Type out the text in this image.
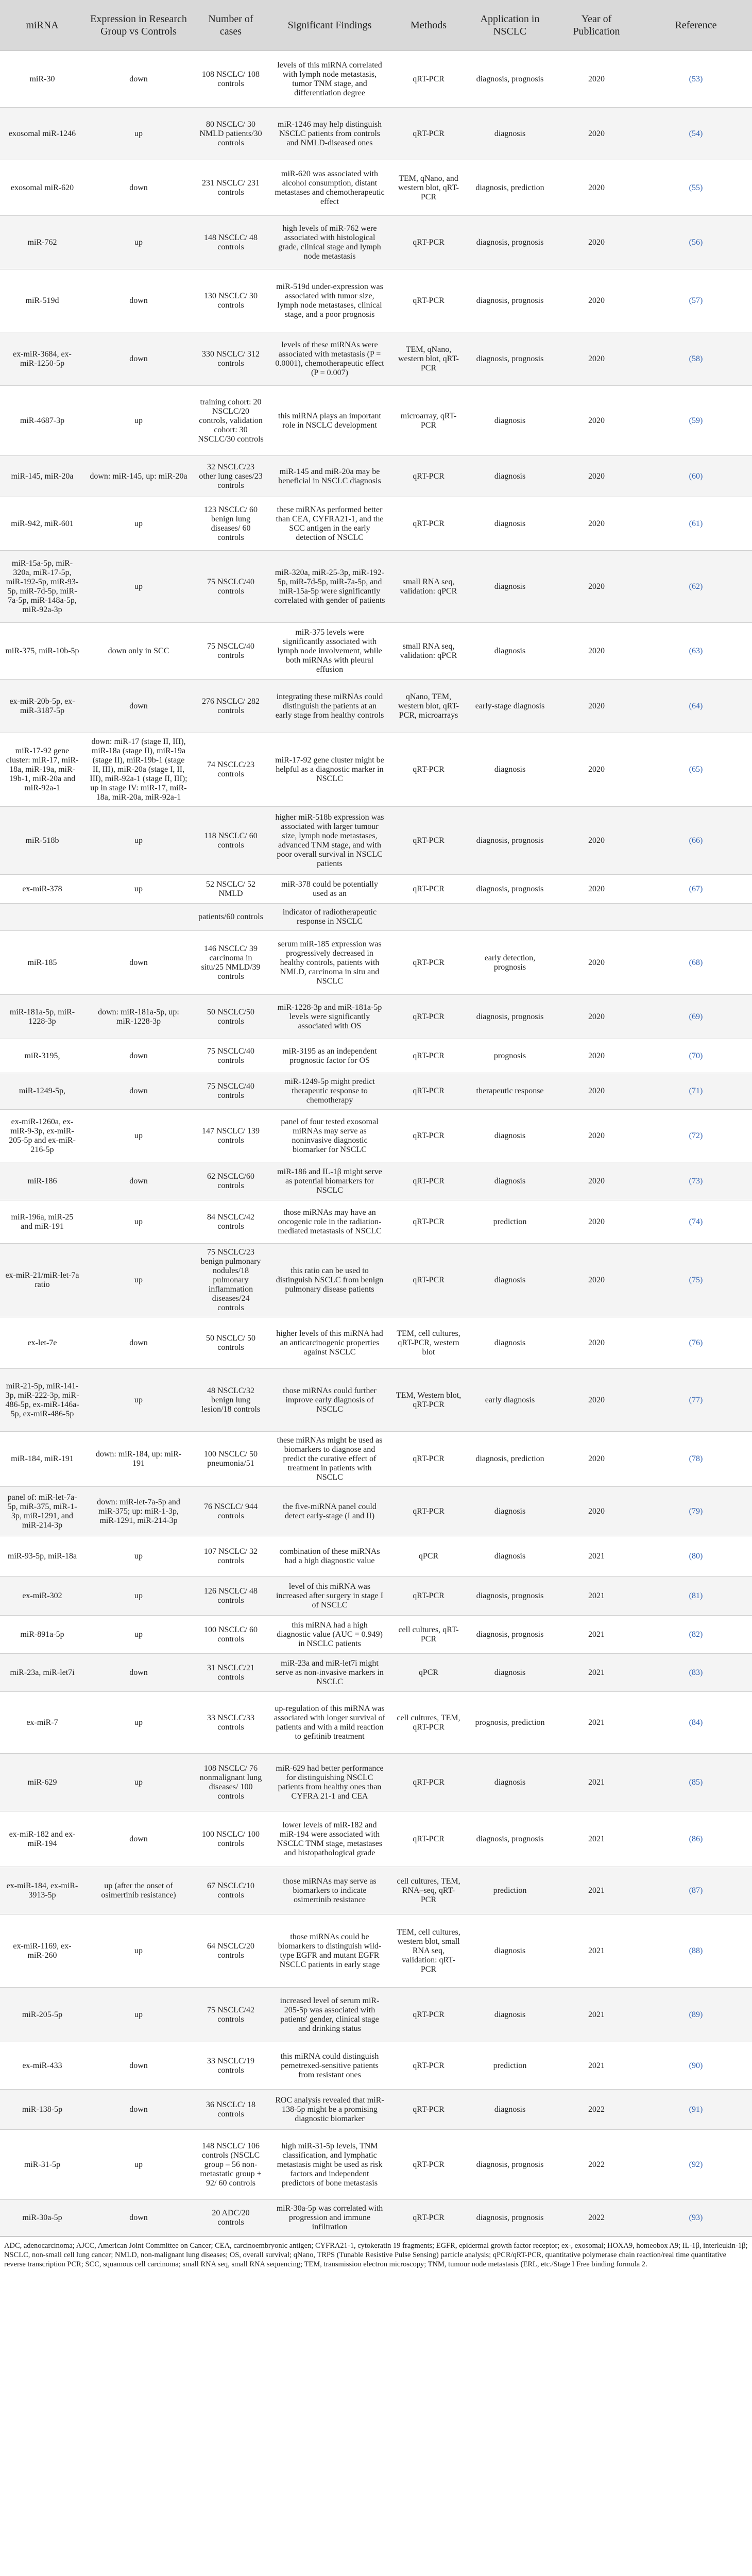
miRNA	Expression in Research Group vs Controls	Number of cases	Significant Findings	Methods	Application in NSCLC	Year of Publication	Reference
miR-30	down	108 NSCLC/ 108 controls	levels of this miRNA correlated with lymph node metastasis, tumor TNM stage, and differentiation degree	qRT-PCR	diagnosis, prognosis	2020	(53)
exosomal miR-1246	up	80 NSCLC/ 30 NMLD patients/30 controls	miR-1246 may help distinguish NSCLC patients from controls and NMLD-diseased ones	qRT-PCR	diagnosis	2020	(54)
exosomal miR-620	down	231 NSCLC/ 231 controls	miR-620 was associated with alcohol consumption, distant metastases and chemotherapeutic effect	TEM, qNano, and western blot, qRT-PCR	diagnosis, prediction	2020	(55)
miR-762	up	148 NSCLC/ 48 controls	high levels of miR-762 were associated with histological grade, clinical stage and lymph node metastasis	qRT-PCR	diagnosis, prognosis	2020	(56)
miR-519d	down	130 NSCLC/ 30 controls	miR-519d under-expression was associated with tumor size, lymph node metastases, clinical stage, and a poor prognosis	qRT-PCR	diagnosis, prognosis	2020	(57)
ex-miR-3684, ex-miR-1250-5p	down	330 NSCLC/ 312 controls	levels of these miRNAs were associated with metastasis (P = 0.0001), chemotherapeutic effect (P = 0.007)	TEM, qNano, western blot, qRT-PCR	diagnosis, prognosis	2020	(58)
miR-4687-3p	up	training cohort: 20 NSCLC/20 controls, validation cohort: 30 NSCLC/30 controls	this miRNA plays an important role in NSCLC development	microarray, qRT-PCR	diagnosis	2020	(59)
miR-145, miR-20a	down: miR-145, up: miR-20a	32 NSCLC/23 other lung cases/23 controls	miR-145 and miR-20a may be beneficial in NSCLC diagnosis	qRT-PCR	diagnosis	2020	(60)
miR-942, miR-601	up	123 NSCLC/ 60 benign lung diseases/ 60 controls	these miRNAs performed better than CEA, CYFRA21-1, and the SCC antigen in the early detection of NSCLC	qRT-PCR	diagnosis	2020	(61)
miR-15a-5p, miR-320a, miR-17-5p, miR-192-5p, miR-93-5p, miR-7d-5p, miR-7a-5p, miR-148a-5p, miR-92a-3p	up	75 NSCLC/40 controls	miR-320a, miR-25-3p, miR-192-5p, miR-7d-5p, miR-7a-5p, and miR-15a-5p were significantly correlated with gender of patients	small RNA seq, validation: qPCR	diagnosis	2020	(62)
miR-375, miR-10b-5p	down only in SCC	75 NSCLC/40 controls	miR-375 levels were significantly associated with lymph node involvement, while both miRNAs with pleural effusion	small RNA seq, validation: qPCR	diagnosis	2020	(63)
ex-miR-20b-5p, ex-miR-3187-5p	down	276 NSCLC/ 282 controls	integrating these miRNAs could distinguish the patients at an early stage from healthy controls	qNano, TEM, western blot, qRT-PCR, microarrays	early-stage diagnosis	2020	(64)
miR-17-92 gene cluster: miR-17, miR-18a, miR-19a, miR-19b-1, miR-20a and miR-92a-1	down: miR-17 (stage II, III), miR-18a (stage II), miR-19a (stage II), miR-19b-1 (stage II, III), miR-20a (stage I, II, III), miR-92a-1 (stage II, III); up in stage IV: miR-17, miR-18a, miR-20a, miR-92a-1	74 NSCLC/23 controls	miR-17-92 gene cluster might be helpful as a diagnostic marker in NSCLC	qRT-PCR	diagnosis	2020	(65)
miR-518b	up	118 NSCLC/ 60 controls	higher miR-518b expression was associated with larger tumour size, lymph node metastases, advanced TNM stage, and with poor overall survival in NSCLC patients	qRT-PCR	diagnosis, prognosis	2020	(66)
ex-miR-378	up	52 NSCLC/ 52 NMLD	miR-378 could be potentially used as an	qRT-PCR	diagnosis, prognosis	2020	(67)
		patients/60 controls	indicator of radiotherapeutic response in NSCLC				
miR-185	down	146 NSCLC/ 39 carcinoma in situ/25 NMLD/39 controls	serum miR-185 expression was progressively decreased in healthy controls, patients with NMLD, carcinoma in situ and NSCLC	qRT-PCR	early detection, prognosis	2020	(68)
miR-181a-5p, miR-1228-3p	down: miR-181a-5p, up: miR-1228-3p	50 NSCLC/50 controls	miR-1228-3p and miR-181a-5p levels were significantly associated with OS	qRT-PCR	diagnosis, prognosis	2020	(69)
miR-3195,	down	75 NSCLC/40 controls	miR-3195 as an independent prognostic factor for OS	qRT-PCR	prognosis	2020	(70)
miR-1249-5p,	down	75 NSCLC/40 controls	miR-1249-5p might predict therapeutic response to chemotherapy	qRT-PCR	therapeutic response	2020	(71)
ex-miR-1260a, ex-miR-9-3p, ex-miR-205-5p and ex-miR-216-5p	up	147 NSCLC/ 139 controls	panel of four tested exosomal miRNAs may serve as noninvasive diagnostic biomarker for NSCLC	qRT-PCR	diagnosis	2020	(72)
miR-186	down	62 NSCLC/60 controls	miR-186 and IL-1β might serve as potential biomarkers for NSCLC	qRT-PCR	diagnosis	2020	(73)
miR-196a, miR-25 and miR-191	up	84 NSCLC/42 controls	those miRNAs may have an oncogenic role in the radiation-mediated metastasis of NSCLC	qRT-PCR	prediction	2020	(74)
ex-miR-21/miR-let-7a ratio	up	75 NSCLC/23 benign pulmonary nodules/18 pulmonary inflammation diseases/24 controls	this ratio can be used to distinguish NSCLC from benign pulmonary disease patients	qRT-PCR	diagnosis	2020	(75)
ex-let-7e	down	50 NSCLC/ 50 controls	higher levels of this miRNA had an anticarcinogenic properties against NSCLC	TEM, cell cultures, qRT-PCR, western blot	diagnosis	2020	(76)
miR-21-5p, miR-141-3p, miR-222-3p, miR-486-5p, ex-miR-146a-5p, ex-miR-486-5p	up	48 NSCLC/32 benign lung lesion/18 controls	those miRNAs could further improve early diagnosis of NSCLC	TEM, Western blot, qRT-PCR	early diagnosis	2020	(77)
miR-184, miR-191	down: miR-184, up: miR-191	100 NSCLC/ 50 pneumonia/51	these miRNAs might be used as biomarkers to diagnose and predict the curative effect of treatment in patients with NSCLC	qRT-PCR	diagnosis, prediction	2020	(78)
panel of: miR-let-7a-5p, miR-375, miR-1-3p, miR-1291, and miR-214-3p	down: miR-let-7a-5p and miR-375; up: miR-1-3p, miR-1291, miR-214-3p	76 NSCLC/ 944 controls	the five-miRNA panel could detect early-stage (I and II)	qRT-PCR	diagnosis	2020	(79)
miR-93-5p, miR-18a	up	107 NSCLC/ 32 controls	combination of these miRNAs had a high diagnostic value	qPCR	diagnosis	2021	(80)
ex-miR-302	up	126 NSCLC/ 48 controls	level of this miRNA was increased after surgery in stage I of NSCLC	qRT-PCR	diagnosis, prognosis	2021	(81)
miR-891a-5p	up	100 NSCLC/ 60 controls	this miRNA had a high diagnostic value (AUC = 0.949) in NSCLC patients	cell cultures, qRT-PCR	diagnosis, prognosis	2021	(82)
miR-23a, miR-let7i	down	31 NSCLC/21 controls	miR-23a and miR-let7i might serve as non-invasive markers in NSCLC	qPCR	diagnosis	2021	(83)
ex-miR-7	up	33 NSCLC/33 controls	up-regulation of this miRNA was associated with longer survival of patients and with a mild reaction to gefitinib treatment	cell cultures, TEM, qRT-PCR	prognosis, prediction	2021	(84)
miR-629	up	108 NSCLC/ 76 nonmalignant lung diseases/ 100 controls	miR-629 had better performance for distinguishing NSCLC patients from healthy ones than CYFRA 21-1 and CEA	qRT-PCR	diagnosis	2021	(85)
ex-miR-182 and ex-miR-194	down	100 NSCLC/ 100 controls	lower levels of miR-182 and miR-194 were associated with NSCLC TNM stage, metastases and histopathological grade	qRT-PCR	diagnosis, prognosis	2021	(86)
ex-miR-184, ex-miR-3913-5p	up (after the onset of osimertinib resistance)	67 NSCLC/10 controls	those miRNAs may serve as biomarkers to indicate osimertinib resistance	cell cultures, TEM, RNA–seq, qRT-PCR	prediction	2021	(87)
ex-miR-1169, ex-miR-260	up	64 NSCLC/20 controls	those miRNAs could be biomarkers to distinguish wild-type EGFR and mutant EGFR NSCLC patients in early stage	TEM, cell cultures, western blot, small RNA seq, validation: qRT-PCR	diagnosis	2021	(88)
miR-205-5p	up	75 NSCLC/42 controls	increased level of serum miR-205-5p was associated with patients' gender, clinical stage and drinking status	qRT-PCR	diagnosis	2021	(89)
ex-miR-433	down	33 NSCLC/19 controls	this miRNA could distinguish pemetrexed-sensitive patients from resistant ones	qRT-PCR	prediction	2021	(90)
miR-138-5p	down	36 NSCLC/ 18 controls	ROC analysis revealed that miR-138-5p might be a promising diagnostic biomarker	qRT-PCR	diagnosis	2022	(91)
miR-31-5p	up	148 NSCLC/ 106 controls (NSCLC group – 56 non-metastatic group + 92/ 60 controls	high miR-31-5p levels, TNM classification, and lymphatic metastasis might be used as risk factors and independent predictors of bone metastasis	qRT-PCR	diagnosis, prognosis	2022	(92)
miR-30a-5p	down	20 ADC/20 controls	miR-30a-5p was correlated with progression and immune infiltration	qRT-PCR	diagnosis, prognosis	2022	(93)
ADC, adenocarcinoma; AJCC, American Joint Committee on Cancer; CEA, carcinoembryonic antigen; CYFRA21-1, cytokeratin 19 fragments; EGFR, epidermal growth factor receptor; ex-, exosomal; HOXA9, homeobox A9; IL-1β, interleukin-1β; NSCLC, non-small cell lung cancer; NMLD, non-malignant lung diseases; OS, overall survival; qNano, TRPS (Tunable Resistive Pulse Sensing) particle analysis; qPCR/qRT-PCR, quantitative polymerase chain reaction/real time quantitative reverse transcription PCR; SCC, squamous cell carcinoma; small RNA seq, small RNA sequencing; TEM, transmission electron microscopy; TNM, tumour node metastasis (ERL, etc./Stage I Free binding formula 2.
